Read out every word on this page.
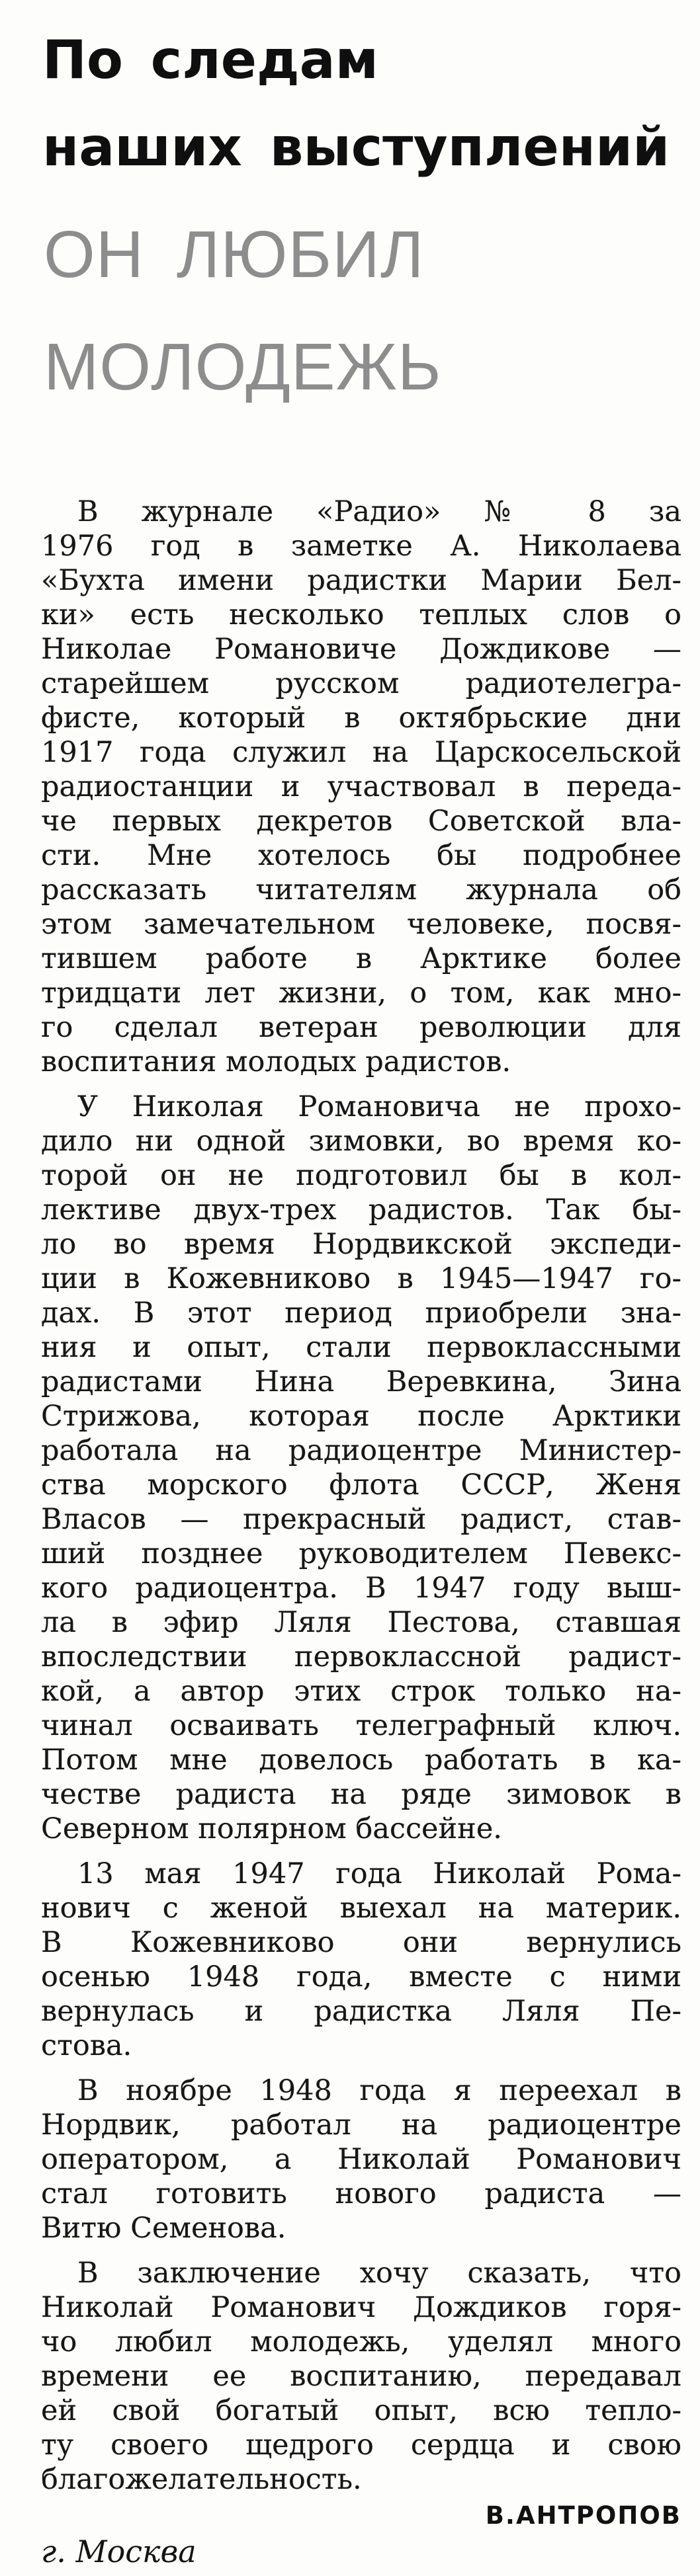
По следам
наших выступлений
ОН ЛЮБИЛ
МОЛОДЕЖЬ
В журнале «Радио» № 8 за
1976 год в заметке А. Николаева
«Бухта имени радистки Марии Бел-
ки» есть несколько теплых слов о
Николае Романовиче Дождикове —
старейшем русском радиотелегра-
фисте, который в октябрьские дни
1917 года служил на Царскосельской
радиостанции и участвовал в переда-
че первых декретов Советской вла-
сти. Мне хотелось бы подробнее
рассказать читателям журнала об
этом замечательном человеке, посвя-
тившем работе в Арктике более
тридцати лет жизни, о том, как мно-
го сделал ветеран революции для
воспитания молодых радистов.
У Николая Романовича не прохо-
дило ни одной зимовки, во время ко-
торой он не подготовил бы в кол-
лективе двух-трех радистов. Так бы-
ло во время Нордвикской экспеди-
ции в Кожевниково в 1945—1947 го-
дах. В этот период приобрели зна-
ния и опыт, стали первоклассными
радистами Нина Веревкина, Зина
Стрижова, которая после Арктики
работала на радиоцентре Министер-
ства морского флота СССР, Женя
Власов — прекрасный радист, став-
ший позднее руководителем Певекс-
кого радиоцентра. В 1947 году выш-
ла в эфир Ляля Пестова, ставшая
впоследствии первоклассной радист-
кой, а автор этих строк только на-
чинал осваивать телеграфный ключ.
Потом мне довелось работать в ка-
честве радиста на ряде зимовок в
Северном полярном бассейне.
13 мая 1947 года Николай Рома-
нович с женой выехал на материк.
В Кожевниково они вернулись
осенью 1948 года, вместе с ними
вернулась и радистка Ляля Пе-
стова.
В ноябре 1948 года я переехал в
Нордвик, работал на радиоцентре
оператором, а Николай Романович
стал готовить нового радиста —
Витю Семенова.
В заключение хочу сказать, что
Николай Романович Дождиков горя-
чо любил молодежь, уделял много
времени ее воспитанию, передавал
ей свой богатый опыт, всю тепло-
ту своего щедрого сердца и свою
благожелательность.
В.АНТРОПОВ
г. Москва
